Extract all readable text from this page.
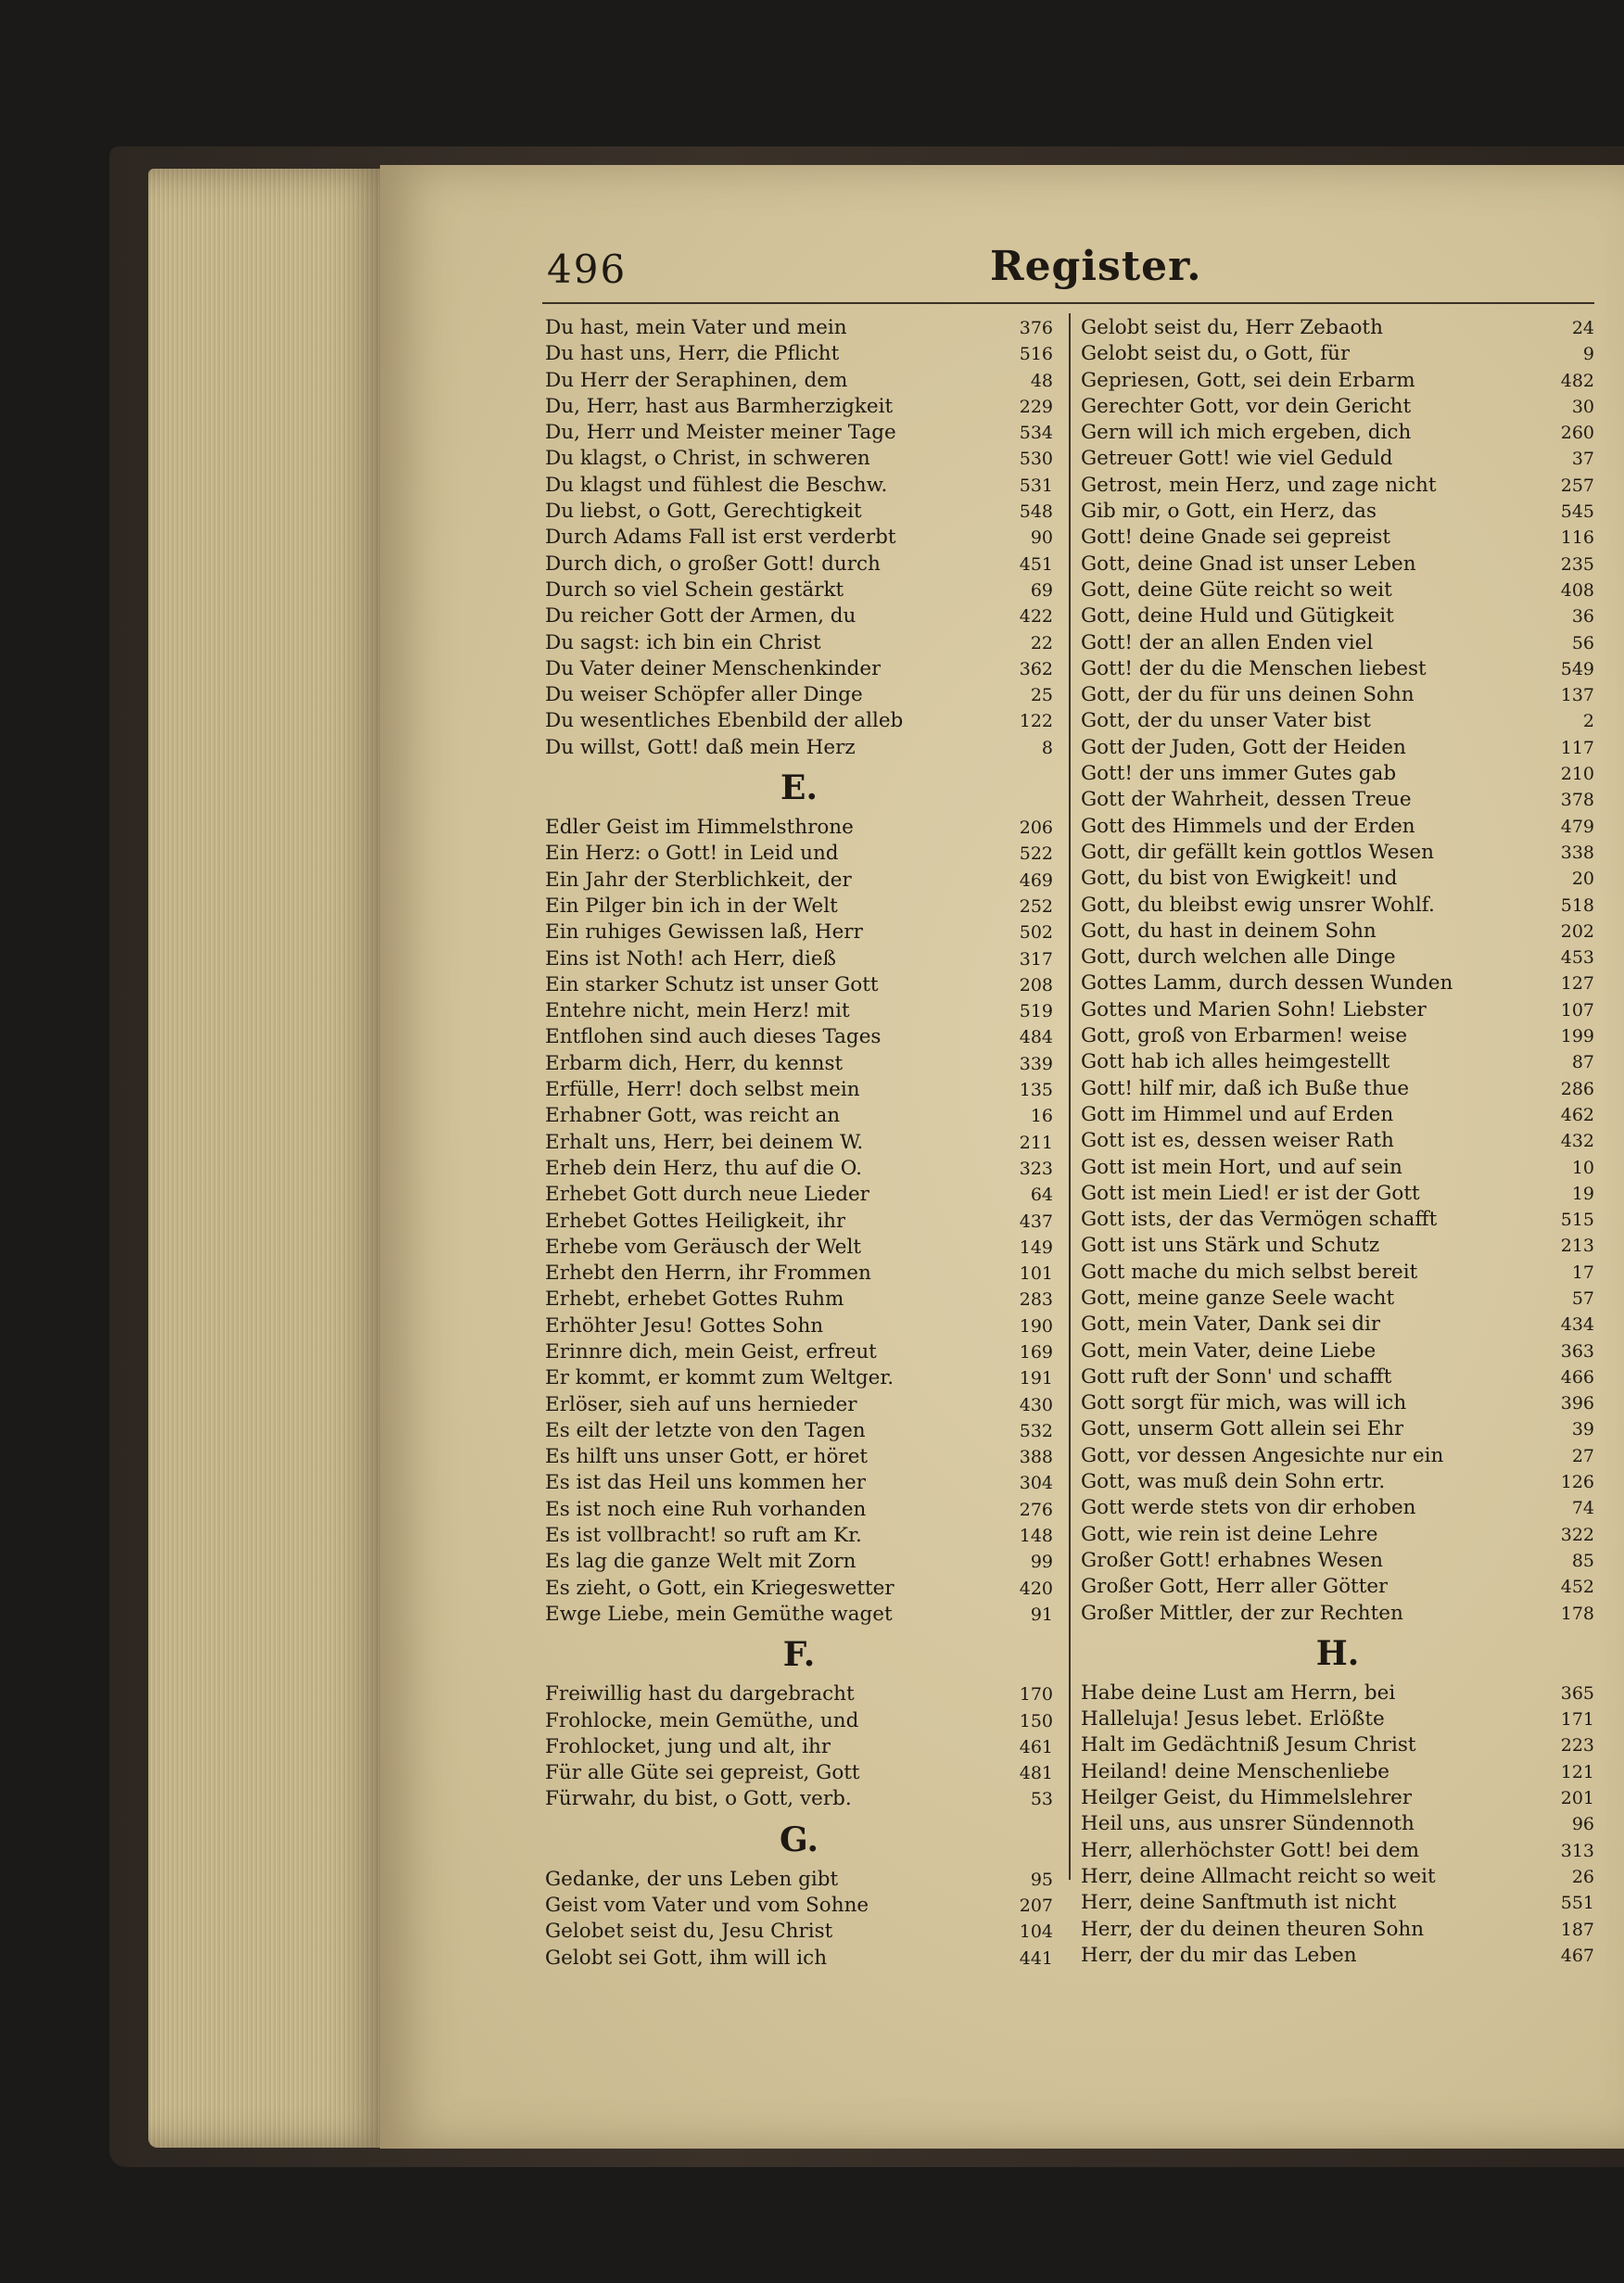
496	Register.
Du hast, mein Vater und mein	376
Du hast uns, Herr, die Pflicht	516
Du Herr der Seraphinen, dem	48
Du, Herr, hast aus Barmherzigkeit	229
Du, Herr und Meister meiner Tage	534
Du klagst, o Christ, in schweren	530
Du klagst und fühlest die Beschw.	531
Du liebst, o Gott, Gerechtigkeit	548
Durch Adams Fall ist erst verderbt	90
Durch dich, o großer Gott! durch	451
Durch so viel Schein gestärkt	69
Du reicher Gott der Armen, du	422
Du sagst: ich bin ein Christ	22
Du Vater deiner Menschenkinder	362
Du weiser Schöpfer aller Dinge	25
Du wesentliches Ebenbild der alleb	122
Du willst, Gott! daß mein Herz	8
E.
Edler Geist im Himmelsthrone	206
Ein Herz: o Gott! in Leid und	522
Ein Jahr der Sterblichkeit, der	469
Ein Pilger bin ich in der Welt	252
Ein ruhiges Gewissen laß, Herr	502
Eins ist Noth! ach Herr, dieß	317
Ein starker Schutz ist unser Gott	208
Entehre nicht, mein Herz! mit	519
Entflohen sind auch dieses Tages	484
Erbarm dich, Herr, du kennst	339
Erfülle, Herr! doch selbst mein	135
Erhabner Gott, was reicht an	16
Erhalt uns, Herr, bei deinem W.	211
Erheb dein Herz, thu auf die O.	323
Erhebet Gott durch neue Lieder	64
Erhebet Gottes Heiligkeit, ihr	437
Erhebe vom Geräusch der Welt	149
Erhebt den Herrn, ihr Frommen	101
Erhebt, erhebet Gottes Ruhm	283
Erhöhter Jesu! Gottes Sohn	190
Erinnre dich, mein Geist, erfreut	169
Er kommt, er kommt zum Weltger.	191
Erlöser, sieh auf uns hernieder	430
Es eilt der letzte von den Tagen	532
Es hilft uns unser Gott, er höret	388
Es ist das Heil uns kommen her	304
Es ist noch eine Ruh vorhanden	276
Es ist vollbracht! so ruft am Kr.	148
Es lag die ganze Welt mit Zorn	99
Es zieht, o Gott, ein Kriegeswetter	420
Ewge Liebe, mein Gemüthe waget	91
F.
Freiwillig hast du dargebracht	170
Frohlocke, mein Gemüthe, und	150
Frohlocket, jung und alt, ihr	461
Für alle Güte sei gepreist, Gott	481
Fürwahr, du bist, o Gott, verb.	53
G.
Gedanke, der uns Leben gibt	95
Geist vom Vater und vom Sohne	207
Gelobet seist du, Jesu Christ	104
Gelobt sei Gott, ihm will ich	441
Gelobt seist du, Herr Zebaoth	24
Gelobt seist du, o Gott, für	9
Gepriesen, Gott, sei dein Erbarm	482
Gerechter Gott, vor dein Gericht	30
Gern will ich mich ergeben, dich	260
Getreuer Gott! wie viel Geduld	37
Getrost, mein Herz, und zage nicht	257
Gib mir, o Gott, ein Herz, das	545
Gott! deine Gnade sei gepreist	116
Gott, deine Gnad ist unser Leben	235
Gott, deine Güte reicht so weit	408
Gott, deine Huld und Gütigkeit	36
Gott! der an allen Enden viel	56
Gott! der du die Menschen liebest	549
Gott, der du für uns deinen Sohn	137
Gott, der du unser Vater bist	2
Gott der Juden, Gott der Heiden	117
Gott! der uns immer Gutes gab	210
Gott der Wahrheit, dessen Treue	378
Gott des Himmels und der Erden	479
Gott, dir gefällt kein gottlos Wesen	338
Gott, du bist von Ewigkeit! und	20
Gott, du bleibst ewig unsrer Wohlf.	518
Gott, du hast in deinem Sohn	202
Gott, durch welchen alle Dinge	453
Gottes Lamm, durch dessen Wunden	127
Gottes und Marien Sohn! Liebster	107
Gott, groß von Erbarmen! weise	199
Gott hab ich alles heimgestellt	87
Gott! hilf mir, daß ich Buße thue	286
Gott im Himmel und auf Erden	462
Gott ist es, dessen weiser Rath	432
Gott ist mein Hort, und auf sein	10
Gott ist mein Lied! er ist der Gott	19
Gott ists, der das Vermögen schafft	515
Gott ist uns Stärk und Schutz	213
Gott mache du mich selbst bereit	17
Gott, meine ganze Seele wacht	57
Gott, mein Vater, Dank sei dir	434
Gott, mein Vater, deine Liebe	363
Gott ruft der Sonn' und schafft	466
Gott sorgt für mich, was will ich	396
Gott, unserm Gott allein sei Ehr	39
Gott, vor dessen Angesichte nur ein	27
Gott, was muß dein Sohn ertr.	126
Gott werde stets von dir erhoben	74
Gott, wie rein ist deine Lehre	322
Großer Gott! erhabnes Wesen	85
Großer Gott, Herr aller Götter	452
Großer Mittler, der zur Rechten	178
H.
Habe deine Lust am Herrn, bei	365
Halleluja! Jesus lebet. Erlößte	171
Halt im Gedächtniß Jesum Christ	223
Heiland! deine Menschenliebe	121
Heilger Geist, du Himmelslehrer	201
Heil uns, aus unsrer Sündennoth	96
Herr, allerhöchster Gott! bei dem	313
Herr, deine Allmacht reicht so weit	26
Herr, deine Sanftmuth ist nicht	551
Herr, der du deinen theuren Sohn	187
Herr, der du mir das Leben	467
